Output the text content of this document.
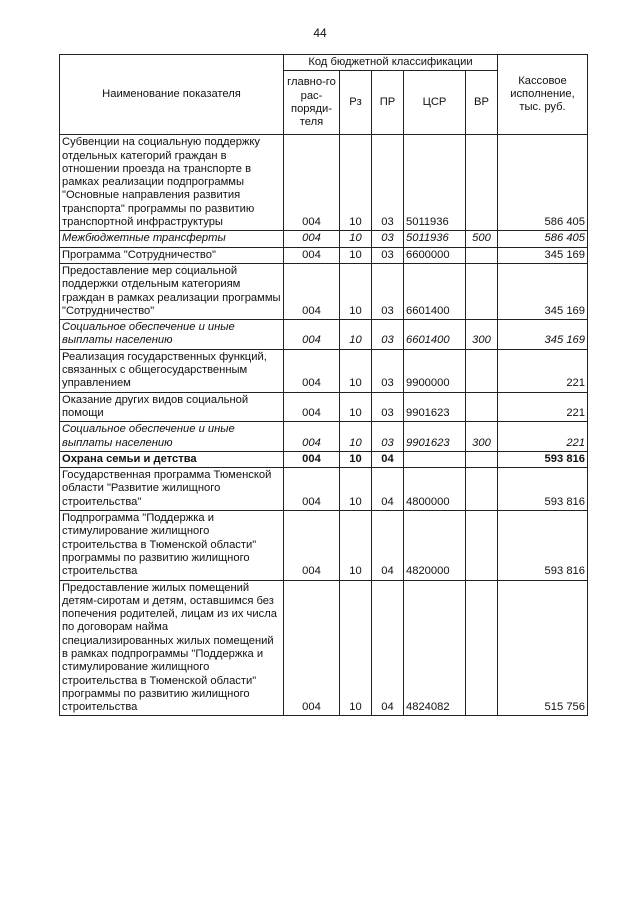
44
Наименование показателя	Код бюджетной классификации					Кассовое исполнение, тыс. руб.
	главно-го рас-поряди-теля	Рз	ПР	ЦСР	ВР	
Субвенции на социальную поддержку отдельных категорий граждан в отношении проезда на транспорте в рамках реализации подпрограммы "Основные направления развития транспорта" программы по развитию транспортной инфраструктуры	004	10	03	5011936		586 405
Межбюджетные трансферты	004	10	03	5011936	500	586 405
Программа "Сотрудничество"	004	10	03	6600000		345 169
Предоставление мер социальной поддержки отдельным категориям граждан в рамках реализации программы "Сотрудничество"	004	10	03	6601400		345 169
Социальное обеспечение и иные выплаты населению	004	10	03	6601400	300	345 169
Реализация государственных функций, связанных с общегосударственным управлением	004	10	03	9900000		221
Оказание других видов социальной помощи	004	10	03	9901623		221
Социальное обеспечение и иные выплаты населению	004	10	03	9901623	300	221
Охрана семьи и детства	004	10	04			593 816
Государственная программа Тюменской области "Развитие жилищного строительства"	004	10	04	4800000		593 816
Подпрограмма "Поддержка и стимулирование жилищного строительства в Тюменской области" программы по развитию жилищного строительства	004	10	04	4820000		593 816
Предоставление жилых помещений детям-сиротам и детям, оставшимся без попечения родителей, лицам из их числа по договорам найма специализированных жилых помещений в рамках подпрограммы "Поддержка и стимулирование жилищного строительства в Тюменской области" программы по развитию жилищного строительства	004	10	04	4824082		515 756
